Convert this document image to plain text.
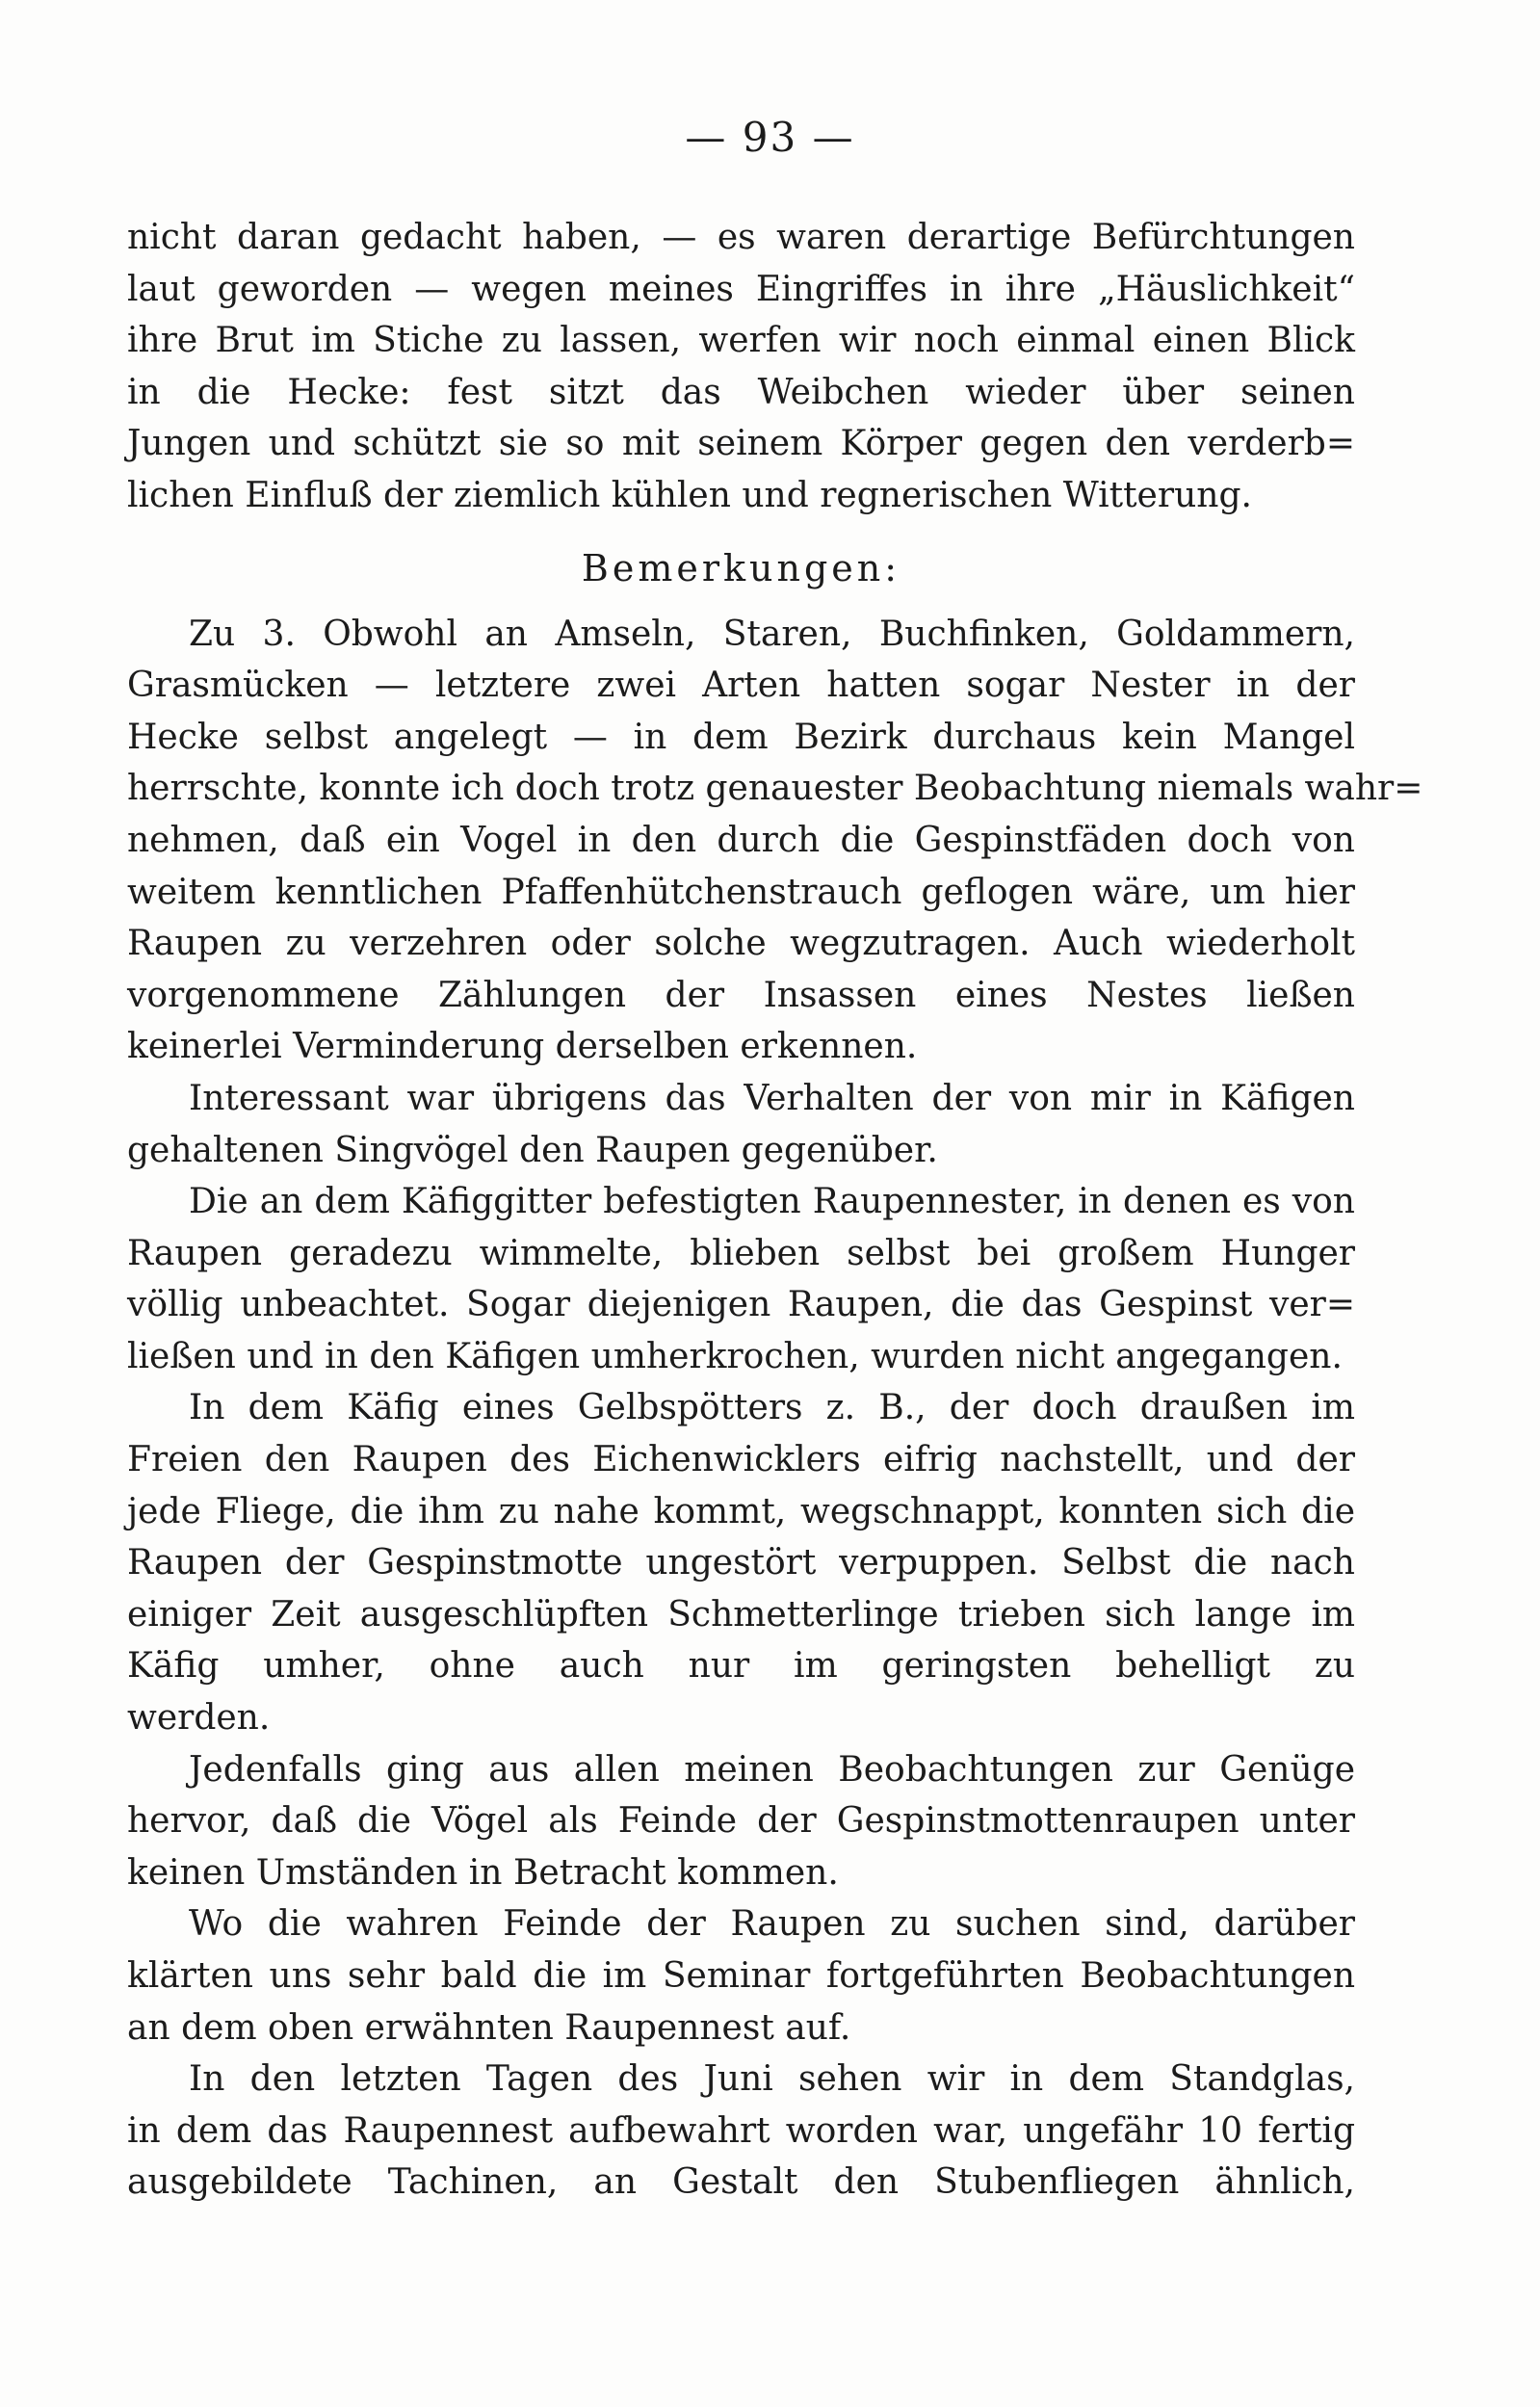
— 93 —
nicht daran gedacht haben, — es waren derartige Befürchtungen
laut geworden — wegen meines Eingriffes in ihre „Häuslichkeit“
ihre Brut im Stiche zu lassen, werfen wir noch einmal einen Blick
in die Hecke: fest sitzt das Weibchen wieder über seinen
Jungen und schützt sie so mit seinem Körper gegen den verderb=
lichen Einfluß der ziemlich kühlen und regnerischen Witterung.
Bemerkungen:
Zu 3. Obwohl an Amseln, Staren, Buchfinken, Goldammern,
Grasmücken — letztere zwei Arten hatten sogar Nester in der
Hecke selbst angelegt — in dem Bezirk durchaus kein Mangel
herrschte, konnte ich doch trotz genauester Beobachtung niemals wahr=
nehmen, daß ein Vogel in den durch die Gespinstfäden doch von
weitem kenntlichen Pfaffenhütchenstrauch geflogen wäre, um hier
Raupen zu verzehren oder solche wegzutragen. Auch wiederholt
vorgenommene Zählungen der Insassen eines Nestes ließen
keinerlei Verminderung derselben erkennen.
Interessant war übrigens das Verhalten der von mir in Käfigen
gehaltenen Singvögel den Raupen gegenüber.
Die an dem Käfiggitter befestigten Raupennester, in denen es von
Raupen geradezu wimmelte, blieben selbst bei großem Hunger
völlig unbeachtet. Sogar diejenigen Raupen, die das Gespinst ver=
ließen und in den Käfigen umherkrochen, wurden nicht angegangen.
In dem Käfig eines Gelbspötters z. B., der doch draußen im
Freien den Raupen des Eichenwicklers eifrig nachstellt, und der
jede Fliege, die ihm zu nahe kommt, wegschnappt, konnten sich die
Raupen der Gespinstmotte ungestört verpuppen. Selbst die nach
einiger Zeit ausgeschlüpften Schmetterlinge trieben sich lange im
Käfig umher, ohne auch nur im geringsten behelligt zu
werden.
Jedenfalls ging aus allen meinen Beobachtungen zur Genüge
hervor, daß die Vögel als Feinde der Gespinstmottenraupen unter
keinen Umständen in Betracht kommen.
Wo die wahren Feinde der Raupen zu suchen sind, darüber
klärten uns sehr bald die im Seminar fortgeführten Beobachtungen
an dem oben erwähnten Raupennest auf.
In den letzten Tagen des Juni sehen wir in dem Standglas,
in dem das Raupennest aufbewahrt worden war, ungefähr 10 fertig
ausgebildete Tachinen, an Gestalt den Stubenfliegen ähnlich,
